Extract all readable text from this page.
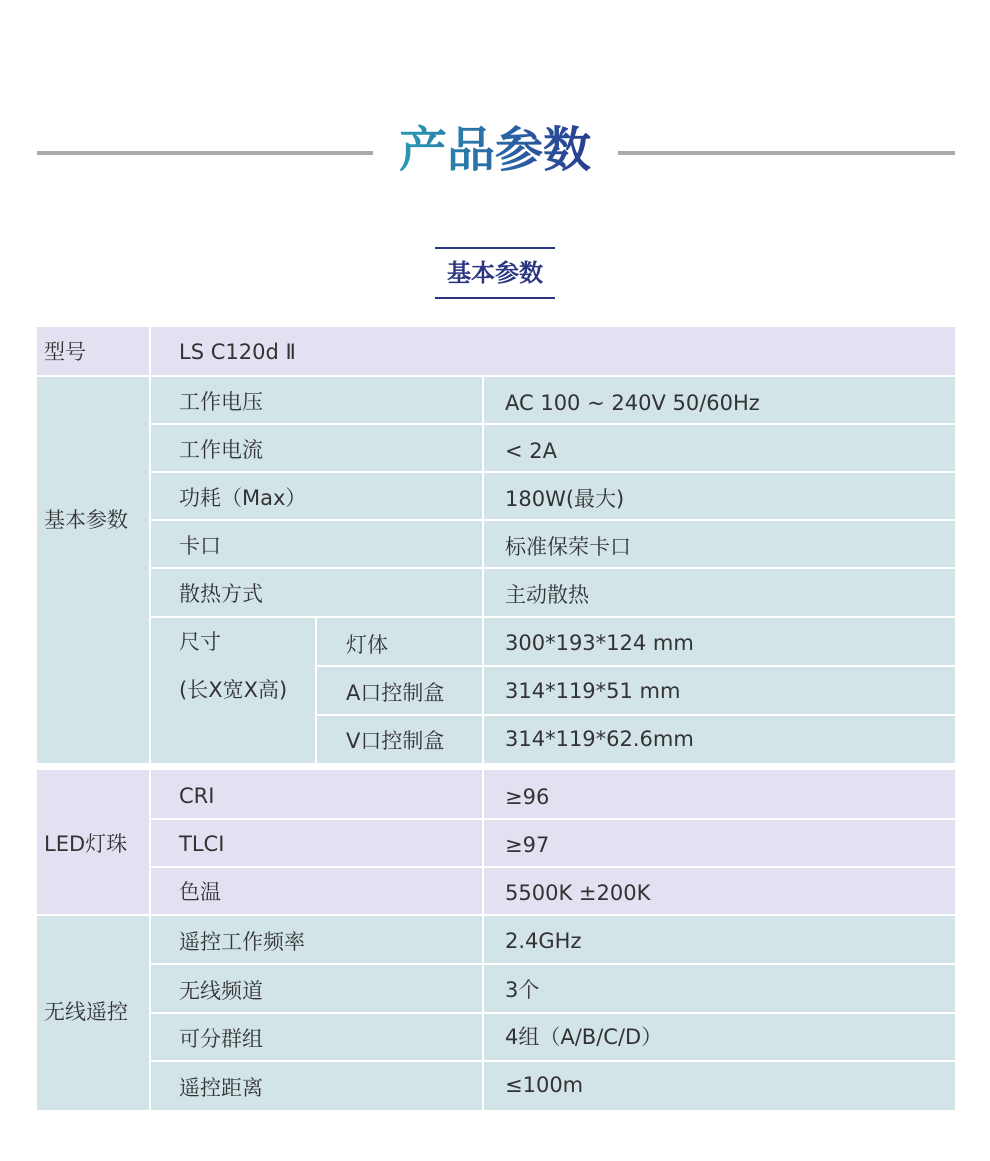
产品参数
基本参数
型号	LS C120d Ⅱ
基本参数
工作电压	AC 100 ~ 240V 50/60Hz
工作电流	< 2A
功耗（Max）	180W(最大)
卡口	标准保荣卡口
散热方式	主动散热
尺寸
(长X宽X高)
灯体	300*193*124 mm
A口控制盒	314*119*51 mm
V口控制盒	314*119*62.6mm
LED灯珠
CRI	≥96
TLCI	≥97
色温	5500K ±200K
无线遥控
遥控工作频率	2.4GHz
无线频道	3个
可分群组	4组（A/B/C/D）
遥控距离	≤100m
